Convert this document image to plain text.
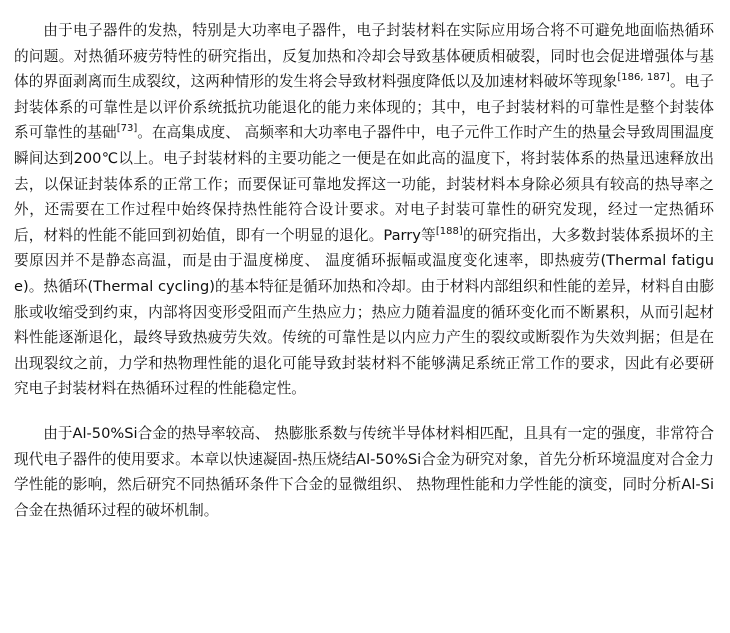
由于电子器件的发热，特别是大功率电子器件，电子封装材料在实际应用场合将不可避免地面临热循环的问题。对热循环疲劳特性的研究指出，反复加热和冷却会导致基体硬质相破裂，同时也会促进增强体与基体的界面剥离而生成裂纹，这两种情形的发生将会导致材料强度降低以及加速材料破坏等现象[186, 187]。电子封装体系的可靠性是以评价系统抵抗功能退化的能力来体现的；其中，电子封装材料的可靠性是整个封装体系可靠性的基础[73]。在高集成度、 高频率和大功率电子器件中，电子元件工作时产生的热量会导致周围温度瞬间达到200℃以上。电子封装材料的主要功能之一便是在如此高的温度下，将封装体系的热量迅速释放出去，以保证封装体系的正常工作；而要保证可靠地发挥这一功能，封装材料本身除必须具有较高的热导率之外，还需要在工作过程中始终保持热性能符合设计要求。对电子封装可靠性的研究发现，经过一定热循环后，材料的性能不能回到初始值，即有一个明显的退化。Parry等[188]的研究指出，大多数封装体系损坏的主要原因并不是静态高温，而是由于温度梯度、 温度循环振幅或温度变化速率，即热疲劳(Thermal fatigue)。热循环(Thermal cycling)的基本特征是循环加热和冷却。由于材料内部组织和性能的差异，材料自由膨胀或收缩受到约束，内部将因变形受阻而产生热应力；热应力随着温度的循环变化而不断累积，从而引起材料性能逐渐退化，最终导致热疲劳失效。传统的可靠性是以内应力产生的裂纹或断裂作为失效判据；但是在出现裂纹之前，力学和热物理性能的退化可能导致封装材料不能够满足系统正常工作的要求，因此有必要研究电子封装材料在热循环过程的性能稳定性。

由于Al-50%Si合金的热导率较高、 热膨胀系数与传统半导体材料相匹配，且具有一定的强度，非常符合现代电子器件的使用要求。本章以快速凝固-热压烧结Al-50%Si合金为研究对象，首先分析环境温度对合金力学性能的影响，然后研究不同热循环条件下合金的显微组织、 热物理性能和力学性能的演变，同时分析Al-Si合金在热循环过程的破坏机制。
